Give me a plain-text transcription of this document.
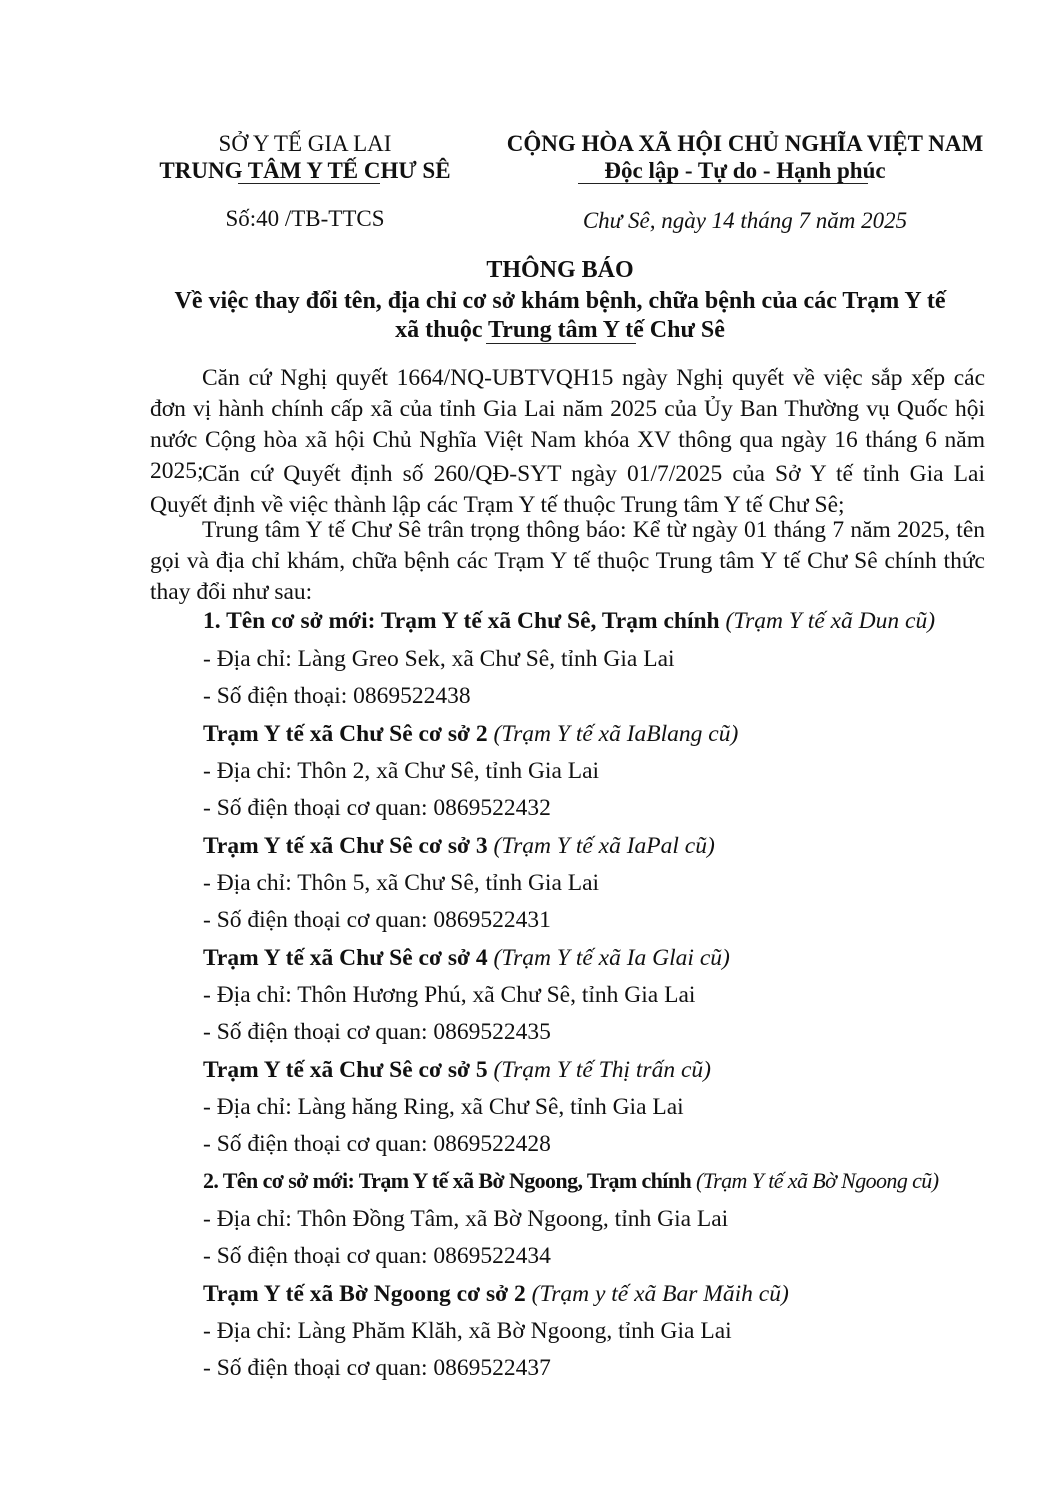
SỞ Y TẾ GIA LAI
TRUNG TÂM Y TẾ CHƯ SÊ
Số:40 /TB-TTCS
CỘNG HÒA XÃ HỘI CHỦ NGHĨA VIỆT NAM
Độc lập - Tự do - Hạnh phúc
Chư Sê, ngày 14 tháng 7 năm 2025
THÔNG BÁO
Về việc thay đổi tên, địa chỉ cơ sở khám bệnh, chữa bệnh của các Trạm Y tế
xã thuộc Trung tâm Y tế Chư Sê
Căn cứ Nghị quyết 1664/NQ-UBTVQH15 ngày Nghị quyết về việc sắp xếp các đơn vị hành chính cấp xã của tỉnh Gia Lai năm 2025 của Ủy Ban Thường vụ Quốc hội nước Cộng hòa xã hội Chủ Nghĩa Việt Nam khóa XV thông qua ngày 16 tháng 6 năm 2025;
Căn cứ Quyết định số 260/QĐ-SYT ngày 01/7/2025 của Sở Y tế tỉnh Gia Lai Quyết định về việc thành lập các Trạm Y tế thuộc Trung tâm Y tế Chư Sê;
Trung tâm Y tế Chư Sê trân trọng thông báo: Kể từ ngày 01 tháng 7 năm 2025, tên gọi và địa chỉ khám, chữa bệnh các Trạm Y tế thuộc Trung tâm Y tế Chư Sê chính thức thay đổi như sau:
1. Tên cơ sở mới: Trạm Y tế xã Chư Sê, Trạm chính (Trạm Y tế xã Dun cũ)
- Địa chỉ: Làng Greo Sek, xã Chư Sê, tỉnh Gia Lai
- Số điện thoại: 0869522438
Trạm Y tế xã Chư Sê cơ sở 2 (Trạm Y tế xã IaBlang cũ)
- Địa chỉ: Thôn 2, xã Chư Sê, tỉnh Gia Lai
- Số điện thoại cơ quan: 0869522432
Trạm Y tế xã Chư Sê cơ sở 3 (Trạm Y tế xã IaPal cũ)
- Địa chỉ: Thôn 5, xã Chư Sê, tỉnh Gia Lai
- Số điện thoại cơ quan: 0869522431
Trạm Y tế xã Chư Sê cơ sở 4 (Trạm Y tế xã Ia Glai cũ)
- Địa chỉ: Thôn Hương Phú, xã Chư Sê, tỉnh Gia Lai
- Số điện thoại cơ quan: 0869522435
Trạm Y tế xã Chư Sê cơ sở 5 (Trạm Y tế Thị trấn cũ)
- Địa chỉ: Làng hăng Ring, xã Chư Sê, tỉnh Gia Lai
- Số điện thoại cơ quan: 0869522428
2. Tên cơ sở mới: Trạm Y tế xã Bờ Ngoong, Trạm chính (Trạm Y tế xã Bờ Ngoong cũ)
- Địa chỉ: Thôn Đồng Tâm, xã Bờ Ngoong, tỉnh Gia Lai
- Số điện thoại cơ quan: 0869522434
Trạm Y tế xã Bờ Ngoong cơ sở 2 (Trạm y tế xã Bar Măih cũ)
- Địa chỉ: Làng Phăm Klăh, xã Bờ Ngoong, tỉnh Gia Lai
- Số điện thoại cơ quan: 0869522437
